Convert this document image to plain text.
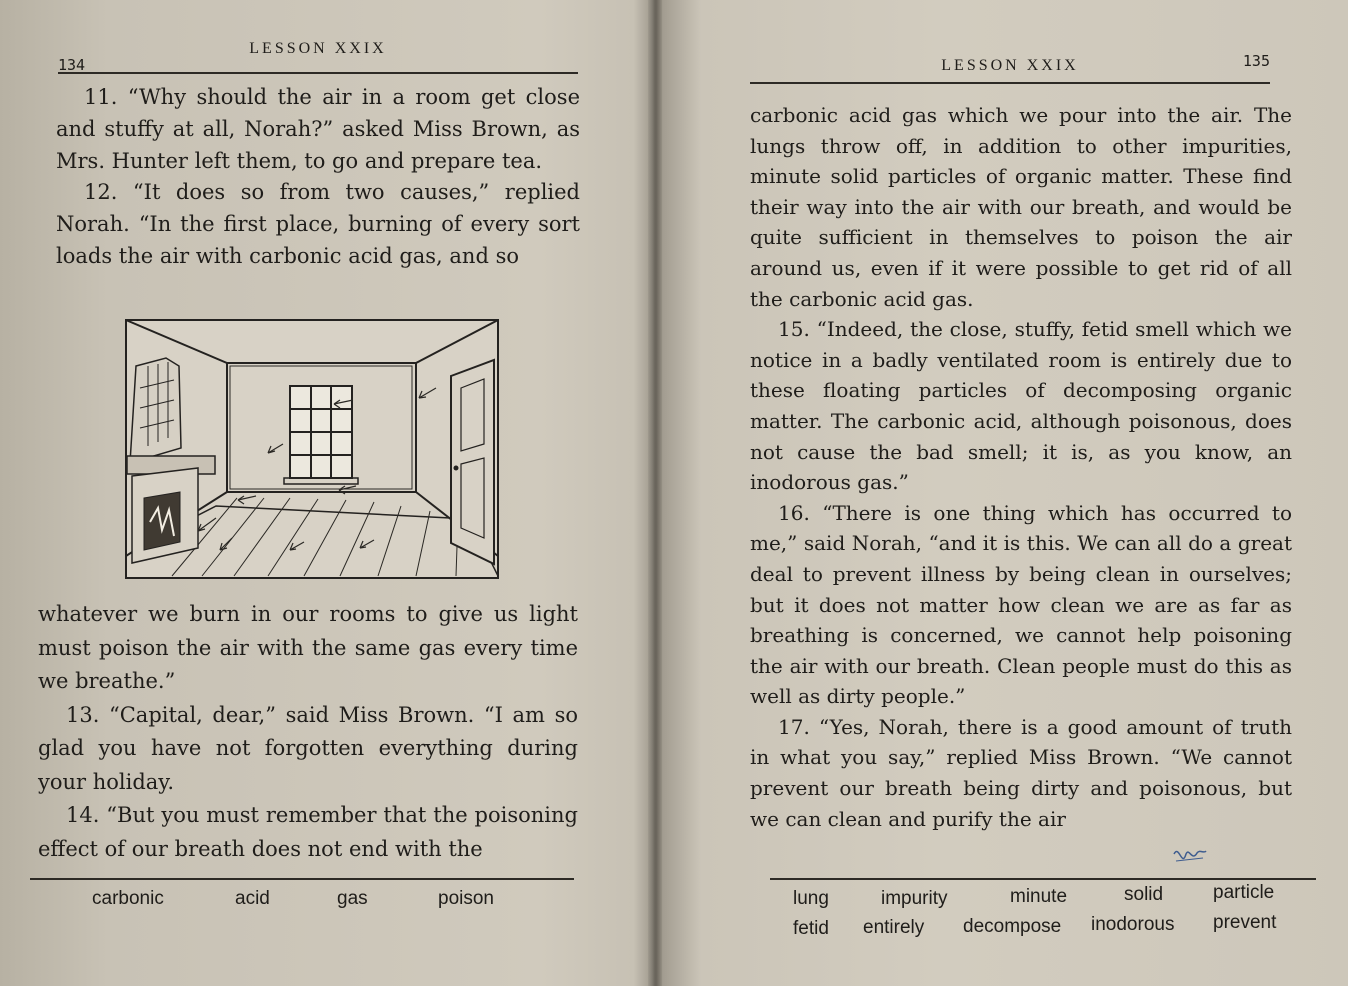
134
LESSON XXIX

11. “Why should the air in a room get close and stuffy at all, Norah?” asked Miss Brown, as Mrs. Hunter left them, to go and prepare tea.

12. “It does so from two causes,” replied Norah. “In the first place, burning of every sort loads the air with carbonic acid gas, and so

whatever we burn in our rooms to give us light must poison the air with the same gas every time we breathe.”

13. “Capital, dear,” said Miss Brown. “I am so glad you have not forgotten everything during your holiday.

14. “But you must remember that the poisoning effect of our breath does not end with the

carbonic	acid	gas	poison
135
LESSON XXIX

carbonic acid gas which we pour into the air. The lungs throw off, in addition to other impurities, minute solid particles of organic matter. These find their way into the air with our breath, and would be quite sufficient in themselves to poison the air around us, even if it were possible to get rid of all the carbonic acid gas.

15. “Indeed, the close, stuffy, fetid smell which we notice in a badly ventilated room is entirely due to these floating particles of decomposing organic matter. The carbonic acid, although poisonous, does not cause the bad smell; it is, as you know, an inodorous gas.”

16. “There is one thing which has occurred to me,” said Norah, “and it is this. We can all do a great deal to prevent illness by being clean in ourselves; but it does not matter how clean we are as far as breathing is concerned, we cannot help poisoning the air with our breath. Clean people must do this as well as dirty people.”

17. “Yes, Norah, there is a good amount of truth in what you say,” replied Miss Brown. “We cannot prevent our breath being dirty and poisonous, but we can clean and purify the air

lung	impurity	minute	solid	particle
fetid entirely decompose inodorous prevent
